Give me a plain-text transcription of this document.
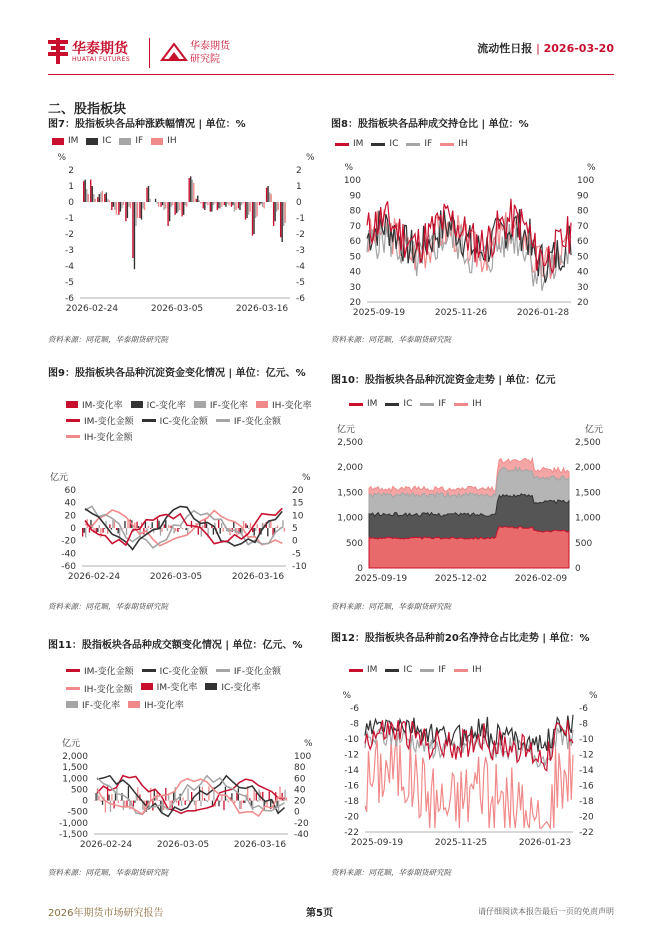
华泰期货
HUATAI FUTURES
华泰期货
研究院
流动性日报 | 2026-03-20
二、股指板块
图7：股指板块各品种涨跌幅情况 | 单位：%
IM	IC	IF	IH
%	%
2
1
0
-1
-2
-3
-4
-5
-6
2
1
0
-1
-2
-3
-4
-5
-6
2026-02-24	2026-03-05	2026-03-16
资料来源：同花顺，华泰期货研究院
图8：股指板块各品种成交持仓比 | 单位：%
IM	IC	IF	IH
%	%
100
90
80
70
60
50
40
30
20
100
90
80
70
60
50
40
30
20
2025-09-19	2025-11-26	2026-01-28
资料来源：同花顺，华泰期货研究院
图9：股指板块各品种沉淀资金变化情况 | 单位：亿元、%
IM-变化率	IC-变化率	IF-变化率	IH-变化率
IM-变化金额	IC-变化金额	IF-变化金额
IH-变化金额
亿元	%
60
40
20
0
-20
-40
-60
20
15
10
5
0
-5
-10
2026-02-24	2026-03-05	2026-03-16
资料来源：同花顺，华泰期货研究院
图10：股指板块各品种沉淀资金走势 | 单位：亿元
IM	IC	IF	IH
亿元	亿元
2,500
2,000
1,500
1,000
500
0
2,500
2,000
1,500
1,000
500
0
2025-09-19	2025-12-02	2026-02-09
资料来源：同花顺，华泰期货研究院
图11：股指板块各品种成交额变化情况 | 单位：亿元、%
IM-变化金额	IC-变化金额	IF-变化金额
IH-变化金额	IM-变化率	IC-变化率
IF-变化率	IH-变化率
亿元	%
2,000
1,500
1,000
500
0
-500
-1,000
-1,500
100
80
60
40
20
0
-20
-40
2026-02-24	2026-03-05	2026-03-16
资料来源：同花顺，华泰期货研究院
图12：股指板块各品种前20名净持仓占比走势 | 单位：%
IM	IC	IF	IH
%	%
-6
-8
-10
-12
-14
-16
-18
-20
-22
-6
-8
-10
-12
-14
-16
-18
-20
-22
2025-09-19	2025-11-25	2026-01-23
资料来源：同花顺，华泰期货研究院
2026年期货市场研究报告	第5页	请仔细阅读本报告最后一页的免责声明
